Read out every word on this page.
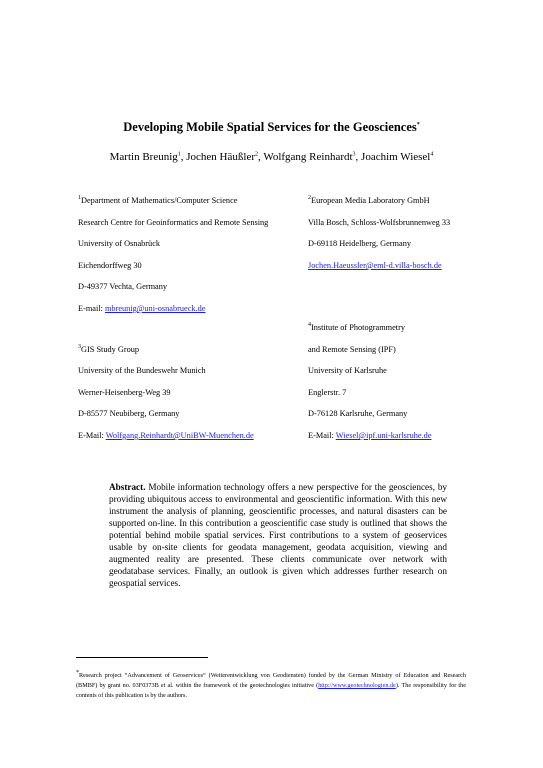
Developing Mobile Spatial Services for the Geosciences*
Martin Breunig$^1$, Jochen Häußler$^2$, Wolfgang Reinhardt$^3$, Joachim Wiesel$^4$
$^1$Department of Mathematics/Computer Science
Research Centre for Geoinformatics and Remote Sensing
University of Osnabrück
Eichendorffweg 30
D-49377 Vechta, Germany
E-mail: mbreunig@uni-osnabrueck.de
$^2$European Media Laboratory GmbH
Villa Bosch, Schloss-Wolfsbrunnenweg 33
D-69118 Heidelberg, Germany
Jochen.Haeussler@eml-d.villa-bosch.de
$^4$Institute of Photogrammetry
and Remote Sensing (IPF)
University of Karlsruhe
Englerstr. 7
D-76128 Karlsruhe, Germany
E-Mail: Wiesel@ipf.uni-karlsruhe.de
$^3$GIS Study Group
University of the Bundeswehr Munich
Werner-Heisenberg-Weg 39
D-85577 Neubiberg, Germany
E-Mail: Wolfgang.Reinhardt@UniBW-Muenchen.de
Abstract. Mobile information technology offers a new perspective for the geosciences, by providing ubiquitous access to environmental and geoscientific information. With this new instrument the analysis of planning, geoscientific processes, and natural disasters can be supported on-line. In this contribution a geoscientific case study is outlined that shows the potential behind mobile spatial services. First contributions to a system of geoservices usable by on-site clients for geodata management, geodata acquisition, viewing and augmented reality are presented. These clients communicate over network with geodatabase services. Finally, an outlook is given which addresses further research on geospatial services.
*Research project “Advancement of Geoservices“ (Weiterentwicklung von Geodiensten) funded by the German Ministry of Education and Research (BMBF) by grant no. 03F0373B et al. within the framework of the geotechnologies initiative (http://www.geotechnologien.de). The responsibility for the contents of this publication is by the authors.
